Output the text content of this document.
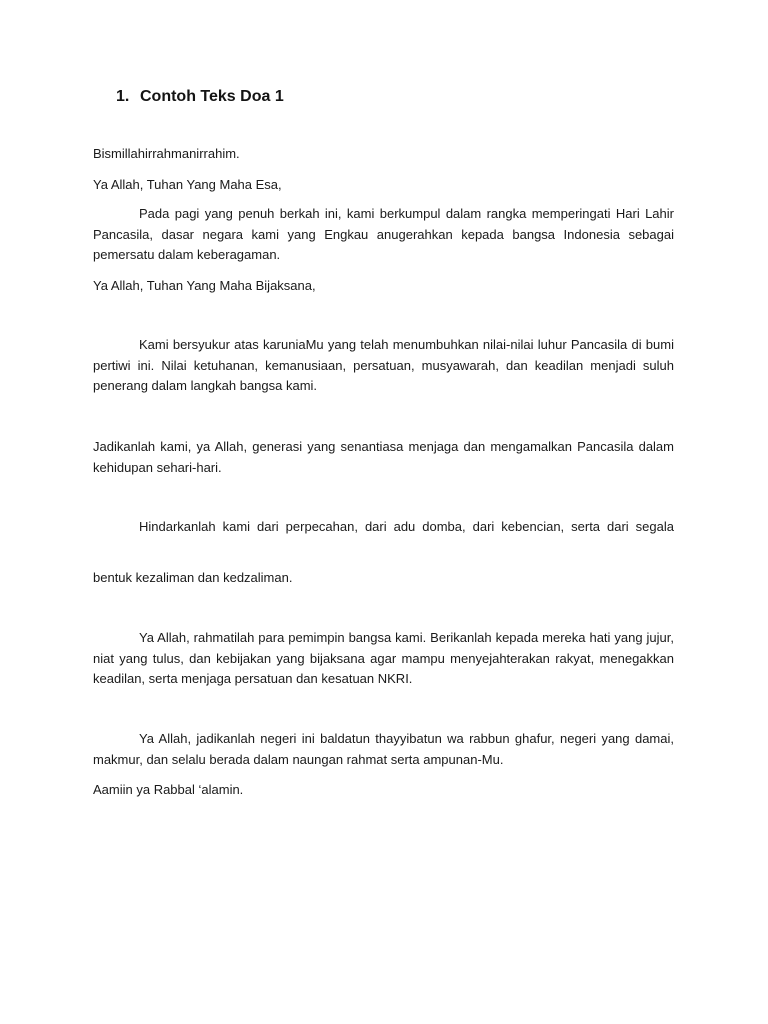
1. Contoh Teks Doa 1

Bismillahirrahmanirrahim.

Ya Allah, Tuhan Yang Maha Esa,

Pada pagi yang penuh berkah ini, kami berkumpul dalam rangka memperingati Hari Lahir Pancasila, dasar negara kami yang Engkau anugerahkan kepada bangsa Indonesia sebagai pemersatu dalam keberagaman.

Ya Allah, Tuhan Yang Maha Bijaksana,

Kami bersyukur atas karuniaMu yang telah menumbuhkan nilai-nilai luhur Pancasila di bumi pertiwi ini. Nilai ketuhanan, kemanusiaan, persatuan, musyawarah, dan keadilan menjadi suluh penerang dalam langkah bangsa kami.

Jadikanlah kami, ya Allah, generasi yang senantiasa menjaga dan mengamalkan Pancasila dalam kehidupan sehari-hari.

Hindarkanlah kami dari perpecahan, dari adu domba, dari kebencian, serta dari segala

bentuk kezaliman dan kedzaliman.

Ya Allah, rahmatilah para pemimpin bangsa kami. Berikanlah kepada mereka hati yang jujur, niat yang tulus, dan kebijakan yang bijaksana agar mampu menyejahterakan rakyat, menegakkan keadilan, serta menjaga persatuan dan kesatuan NKRI.

Ya Allah, jadikanlah negeri ini baldatun thayyibatun wa rabbun ghafur, negeri yang damai, makmur, dan selalu berada dalam naungan rahmat serta ampunan-Mu.

Aamiin ya Rabbal ‘alamin.
